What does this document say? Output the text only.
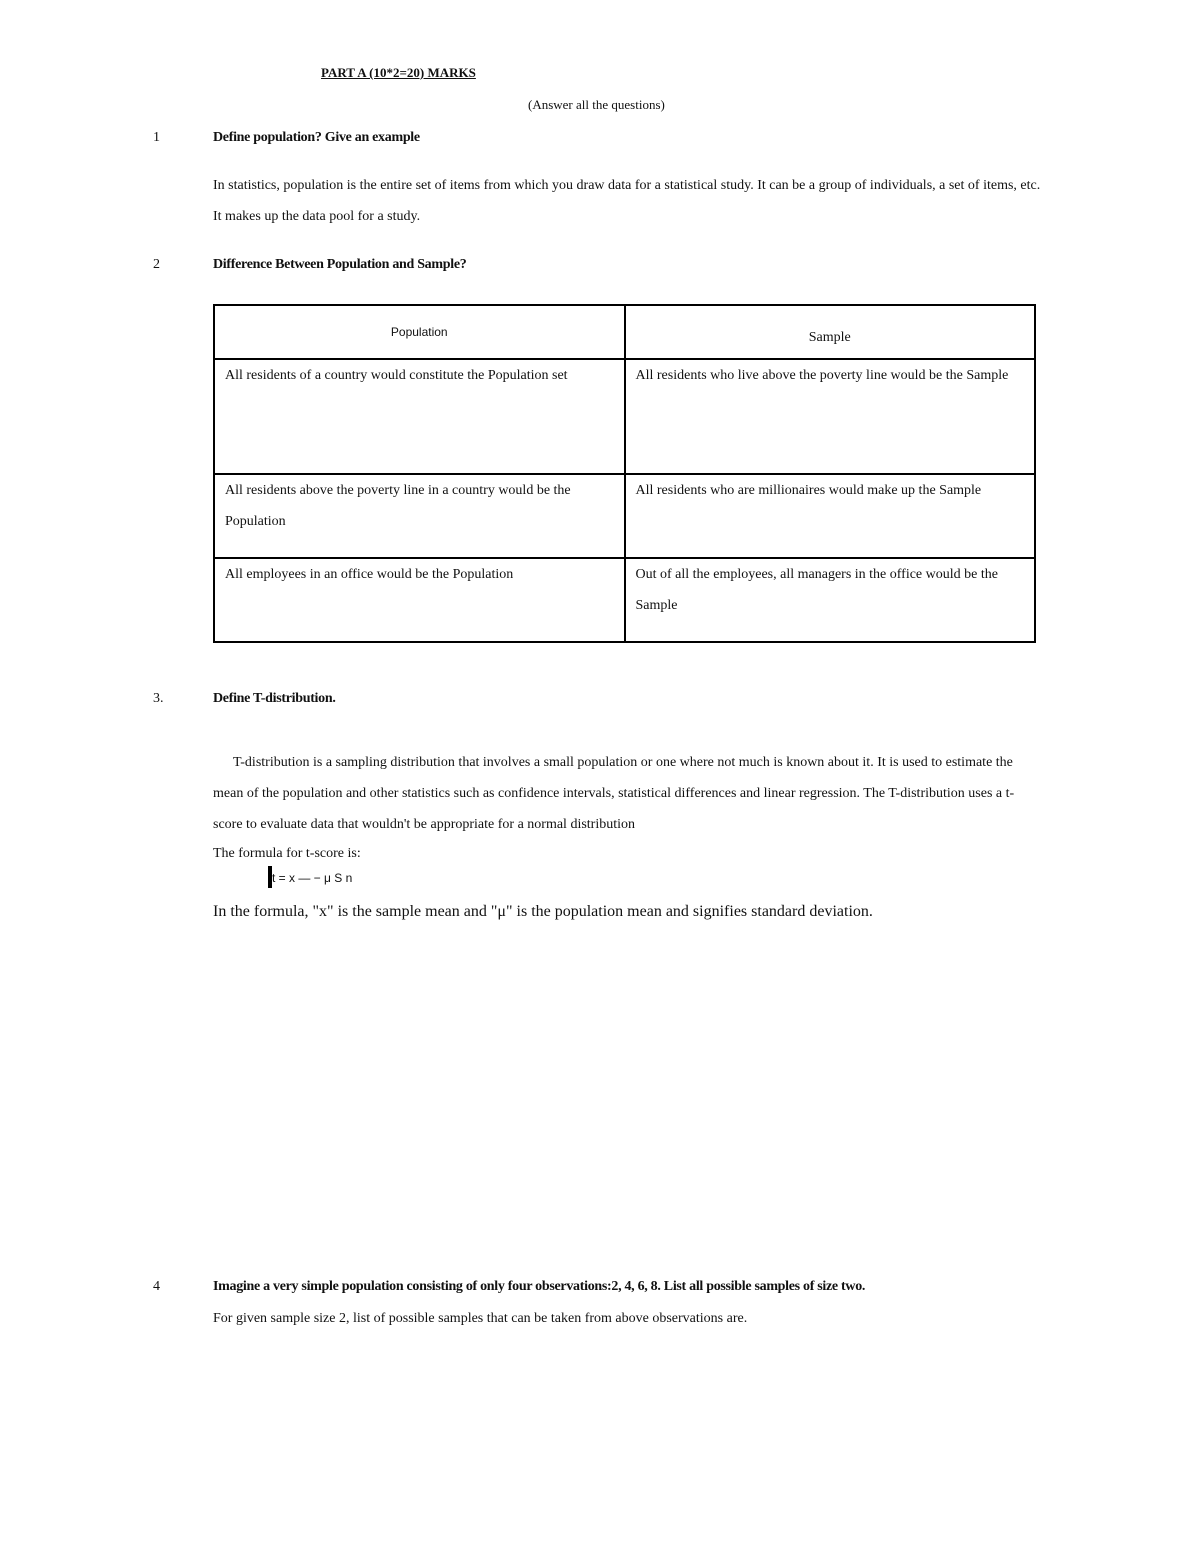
PART A (10*2=20) MARKS
(Answer all the questions)
1	Define population? Give an example
In statistics, population is the entire set of items from which you draw data for a statistical study. It can be a group of individuals, a set of items, etc. It makes up the data pool for a study.
2	Difference Between Population and Sample?
Population	Sample
All residents of a country would constitute the Population set	All residents who live above the poverty line would be the Sample
All residents above the poverty line in a country would be the Population	All residents who are millionaires would make up the Sample
All employees in an office would be the Population	Out of all the employees, all managers in the office would be the Sample
3.	Define T-distribution.
T-distribution is a sampling distribution that involves a small population or one where not much is known about it. It is used to estimate the mean of the population and other statistics such as confidence intervals, statistical differences and linear regression. The T-distribution uses a t- score to evaluate data that wouldn't be appropriate for a normal distribution
The formula for t-score is:
t = x — − μ S n
In the formula, "x" is the sample mean and "μ" is the population mean and signifies standard deviation.
4	Imagine a very simple population consisting of only four observations:2, 4, 6, 8. List all possible samples of size two.
For given sample size 2, list of possible samples that can be taken from above observations are.
